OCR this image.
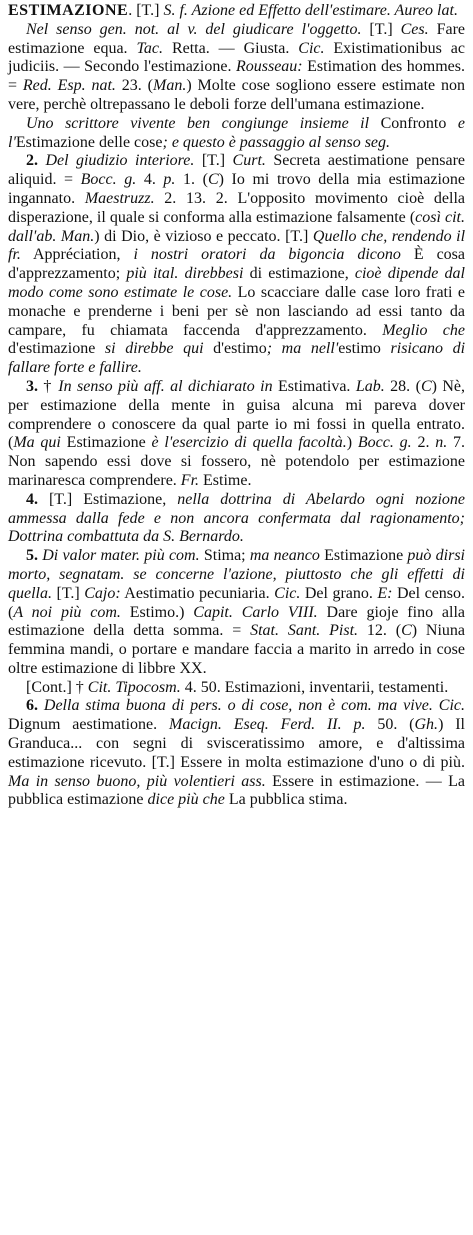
ESTIMAZIONE. [T.] S. f. Azione ed Effetto dell'estimare. Aureo lat.

Nel senso gen. not. al v. del giudicare l'oggetto. [T.] Ces. Fare estimazione equa. Tac. Retta. — Giusta. Cic. Existimationibus ac judiciis. — Secondo l'estimazione. Rousseau: Estimation des hommes. = Red. Esp. nat. 23. (Man.) Molte cose sogliono essere estimate non vere, perchè oltrepassano le deboli forze dell'umana estimazione.

Uno scrittore vivente ben congiunge insieme il Confronto e l'Estimazione delle cose; e questo è passaggio al senso seg.

2. Del giudizio interiore. [T.] Curt. Secreta aestimatione pensare aliquid. = Bocc. g. 4. p. 1. (C) Io mi trovo della mia estimazione ingannato. Maestruzz. 2. 13. 2. L'opposito movimento cioè della disperazione, il quale si conforma alla estimazione falsamente (così cit. dall'ab. Man.) di Dio, è vizioso e peccato. [T.] Quello che, rendendo il fr. Appréciation, i nostri oratori da bigoncia dicono È cosa d'apprezzamento; più ital. direbbesi di estimazione, cioè dipende dal modo come sono estimate le cose. Lo scacciare dalle case loro frati e monache e prenderne i beni per sè non lasciando ad essi tanto da campare, fu chiamata faccenda d'apprezzamento. Meglio che d'estimazione si direbbe qui d'estimo; ma nell'estimo risicano di fallare forte e fallire.

3. † In senso più aff. al dichiarato in Estimativa. Lab. 28. (C) Nè, per estimazione della mente in guisa alcuna mi pareva dover comprendere o conoscere da qual parte io mi fossi in quella entrato. (Ma qui Estimazione è l'esercizio di quella facoltà.) Bocc. g. 2. n. 7. Non sapendo essi dove si fossero, nè potendolo per estimazione marinaresca comprendere. Fr. Estime.

4. [T.] Estimazione, nella dottrina di Abelardo ogni nozione ammessa dalla fede e non ancora confermata dal ragionamento; Dottrina combattuta da S. Bernardo.

5. Di valor mater. più com. Stima; ma neanco Estimazione può dirsi morto, segnatam. se concerne l'azione, piuttosto che gli effetti di quella. [T.] Cajo: Aestimatio pecuniaria. Cic. Del grano. E: Del censo. (A noi più com. Estimo.) Capit. Carlo VIII. Dare gioje fino alla estimazione della detta somma. = Stat. Sant. Pist. 12. (C) Niuna femmina mandi, o portare e mandare faccia a marito in arredo in cose oltre estimazione di libbre XX.

[Cont.] † Cit. Tipocosm. 4. 50. Estimazioni, inventarii, testamenti.

6. Della stima buona di pers. o di cose, non è com. ma vive. Cic. Dignum aestimatione. Macign. Eseq. Ferd. II. p. 50. (Gh.) Il Granduca... con segni di svisceratissimo amore, e d'altissima estimazione ricevuto. [T.] Essere in molta estimazione d'uno o di più. Ma in senso buono, più volentieri ass. Essere in estimazione. — La pubblica estimazione dice più che La pubblica stima.
